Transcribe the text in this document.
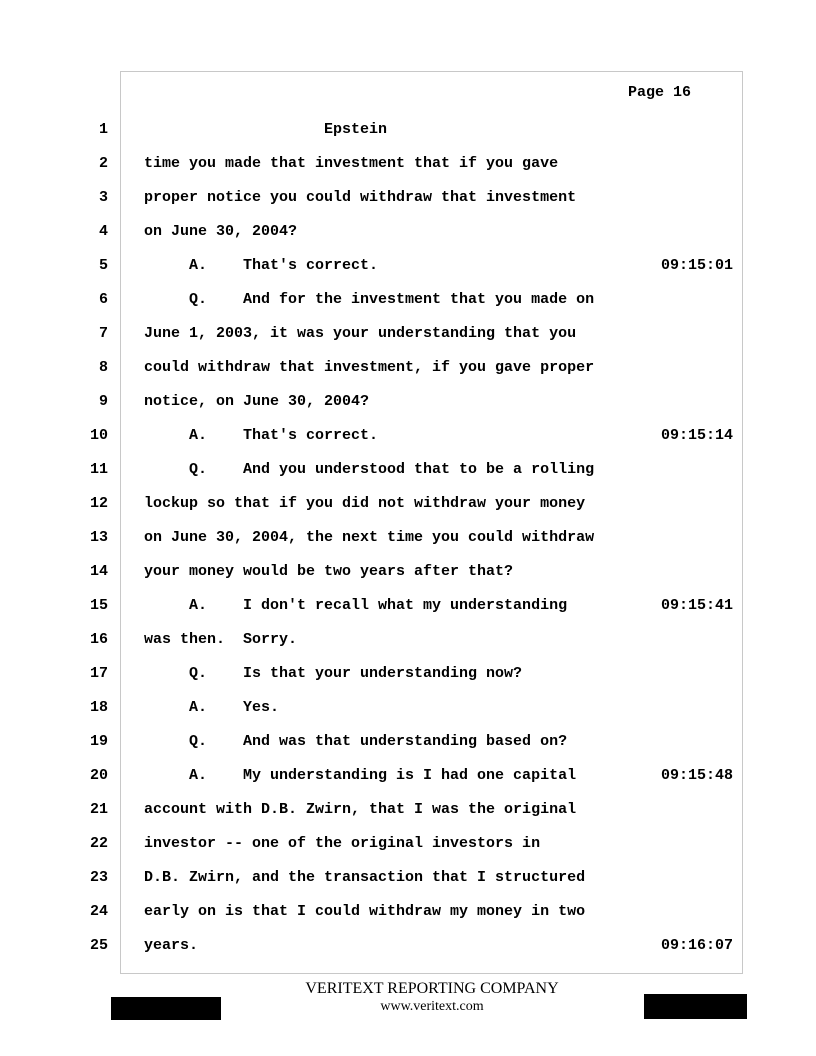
Page 16
1 Epstein
2 time you made that investment that if you gave
3 proper notice you could withdraw that investment
4 on June 30, 2004?
5 A.    That's correct.	09:15:01
6 Q.    And for the investment that you made on
7 June 1, 2003, it was your understanding that you
8 could withdraw that investment, if you gave proper
9 notice, on June 30, 2004?
10 A.    That's correct.	09:15:14
11 Q.    And you understood that to be a rolling
12 lockup so that if you did not withdraw your money
13 on June 30, 2004, the next time you could withdraw
14 your money would be two years after that?
15 A.    I don't recall what my understanding	09:15:41
16 was then.  Sorry.
17 Q.    Is that your understanding now?
18 A.    Yes.
19 Q.    And was that understanding based on?
20 A.    My understanding is I had one capital	09:15:48
21 account with D.B. Zwirn, that I was the original
22 investor -- one of the original investors in
23 D.B. Zwirn, and the transaction that I structured
24 early on is that I could withdraw my money in two
25 years.	09:16:07
VERITEXT REPORTING COMPANY
www.veritext.com
